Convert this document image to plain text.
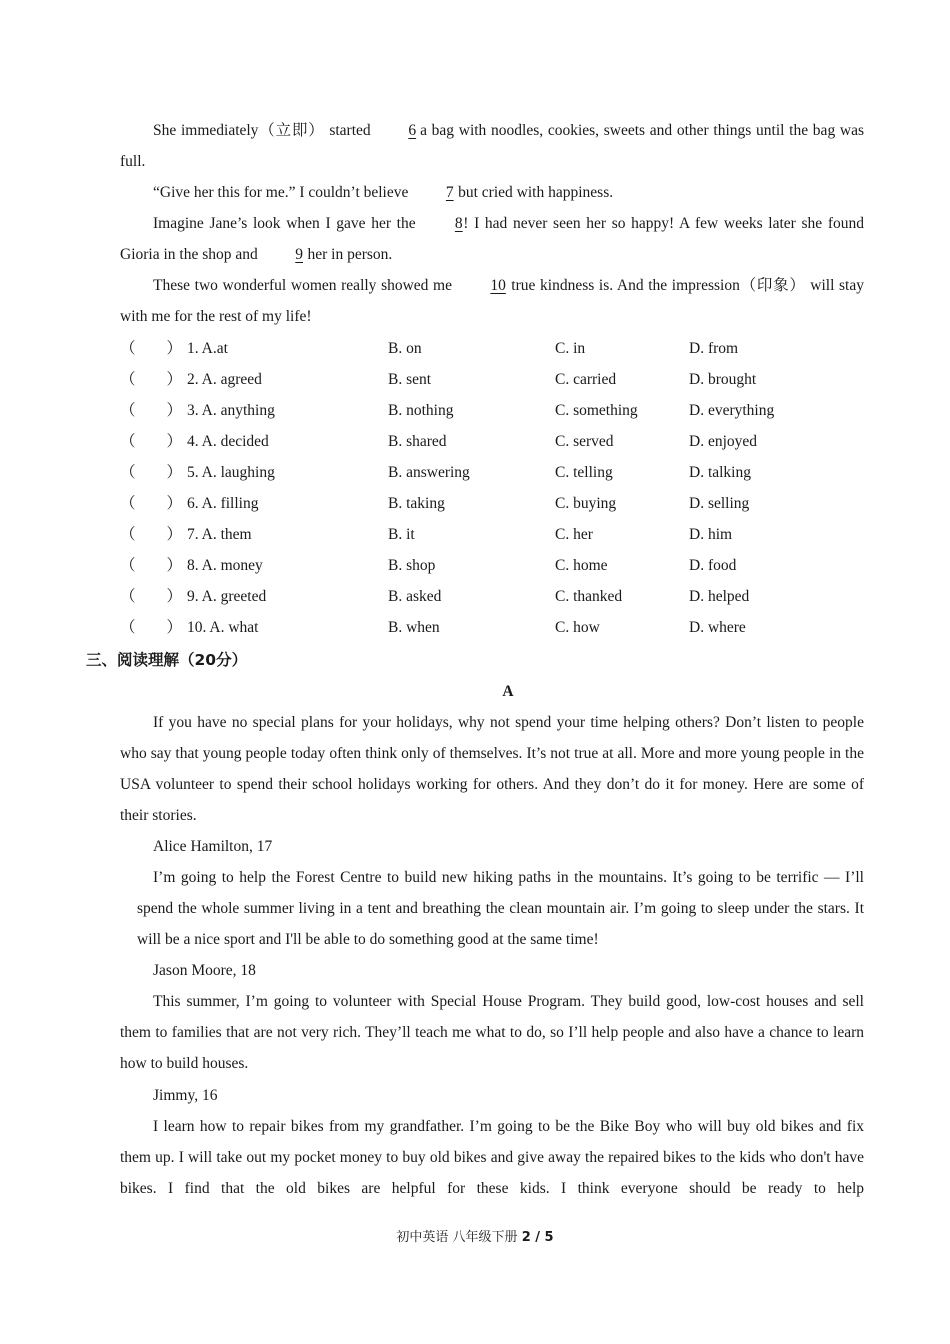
She immediately（立即） started 6 a bag with noodles, cookies, sweets and other things until the bag was full.

“Give her this for me.” I couldn’t believe 7 but cried with happiness.

Imagine Jane’s look when I gave her the 8! I had never seen her so happy! A few weeks later she found Gioria in the shop and 9 her in person.

These two wonderful women really showed me 10 true kindness is. And the impression（印象） will stay with me for the rest of my life!

（　　） 1. A.at	B. on	C. in	D. from
（　　） 2. A. agreed	B. sent	C. carried	D. brought
（　　） 3. A. anything	B. nothing	C. something	D. everything
（　　） 4. A. decided	B. shared	C. served	D. enjoyed
（　　） 5. A. laughing	B. answering	C. telling	D. talking
（　　） 6. A. filling	B. taking	C. buying	D. selling
（　　） 7. A. them	B. it	C. her	D. him
（　　） 8. A. money	B. shop	C. home	D. food
（　　） 9. A. greeted	B. asked	C. thanked	D. helped
（　　） 10. A. what	B. when	C. how	D. where
三、阅读理解（20分）
A

If you have no special plans for your holidays, why not spend your time helping others? Don’t listen to people who say that young people today often think only of themselves. It’s not true at all. More and more young people in the USA volunteer to spend their school holidays working for others. And they don’t do it for money. Here are some of their stories.

Alice Hamilton, 17

I’m going to help the Forest Centre to build new hiking paths in the mountains. It’s going to be terrific — I’ll spend the whole summer living in a tent and breathing the clean mountain air. I’m going to sleep under the stars. It will be a nice sport and I'll be able to do something good at the same time!

Jason Moore, 18

This summer, I’m going to volunteer with Special House Program. They build good, low-cost houses and sell them to families that are not very rich. They’ll teach me what to do, so I’ll help people and also have a chance to learn how to build houses.

Jimmy, 16

I learn how to repair bikes from my grandfather. I’m going to be the Bike Boy who will buy old bikes and fix them up. I will take out my pocket money to buy old bikes and give away the repaired bikes to the kids who don't have bikes. I find that the old bikes are helpful for these kids. I think everyone should be ready to help

初中英语 八年级下册 2 / 5
